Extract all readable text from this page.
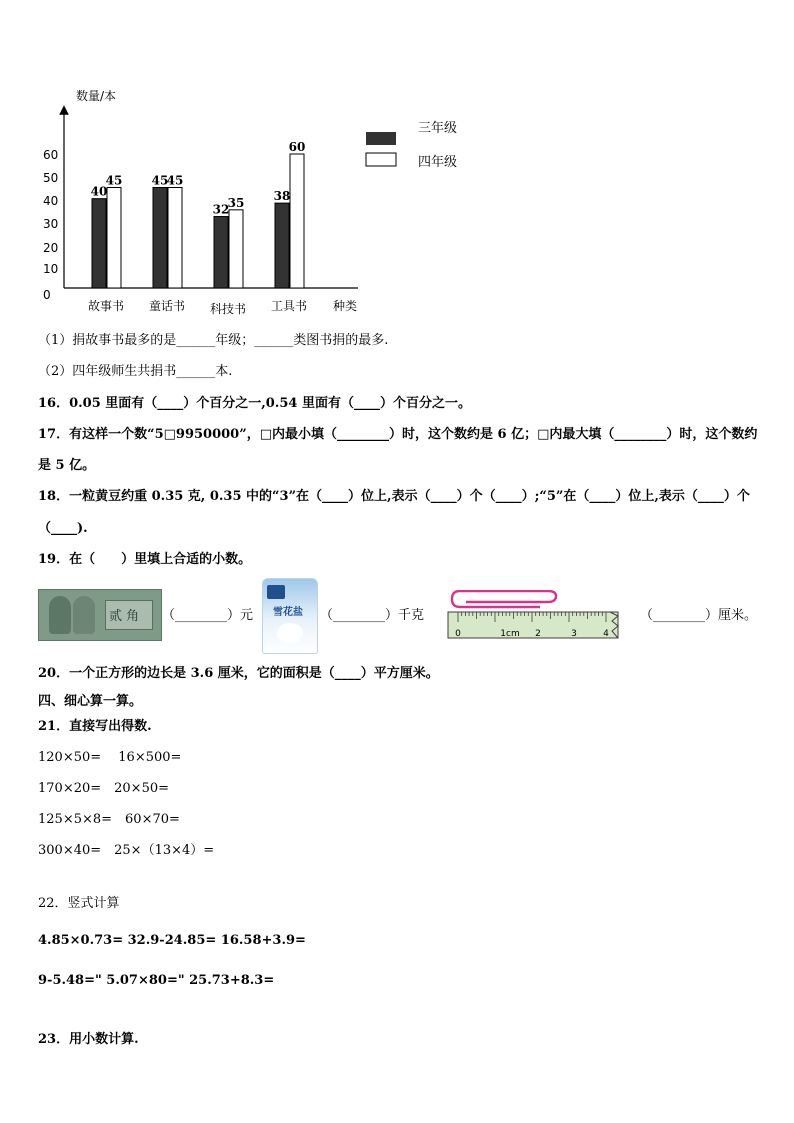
数量/本
种类
0
10
20
30
40
50
60
40
45 45
45
32
35 38
60
故事书 童话书 科技书 工具书
三年级
四年级
（1）捐故事书最多的是______年级；______类图书捐的最多.
（2）四年级师生共捐书______本.
16．0.05 里面有（____）个百分之一,0.54 里面有（____）个百分之一。
17．有这样一个数“5□9950000”，□内最小填（________）时，这个数约是 6 亿；□内最大填（________）时，这个数约
是 5 亿。
18．一粒黄豆约重 0.35 克, 0.35 中的“3”在（____）位上,表示（____）个（____）;“5”在（____）位上,表示（____）个
（____).
19．在（　　）里填上合适的小数。
贰 角 （________）元 雪花盐 （________）千克
0	1cm 2	3	4
（________）厘米。
20．一个正方形的边长是 3.6 厘米，它的面积是（____）平方厘米。
四、细心算一算。
21．直接写出得数.
120×50=　 16×500=
170×20=　20×50=
125×5×8=　60×70=
300×40=　25×（13×4）=
22．竖式计算
4.85×0.73= 32.9-24.85= 16.58+3.9=
9-5.48=" 5.07×80=" 25.73+8.3=
23．用小数计算.
